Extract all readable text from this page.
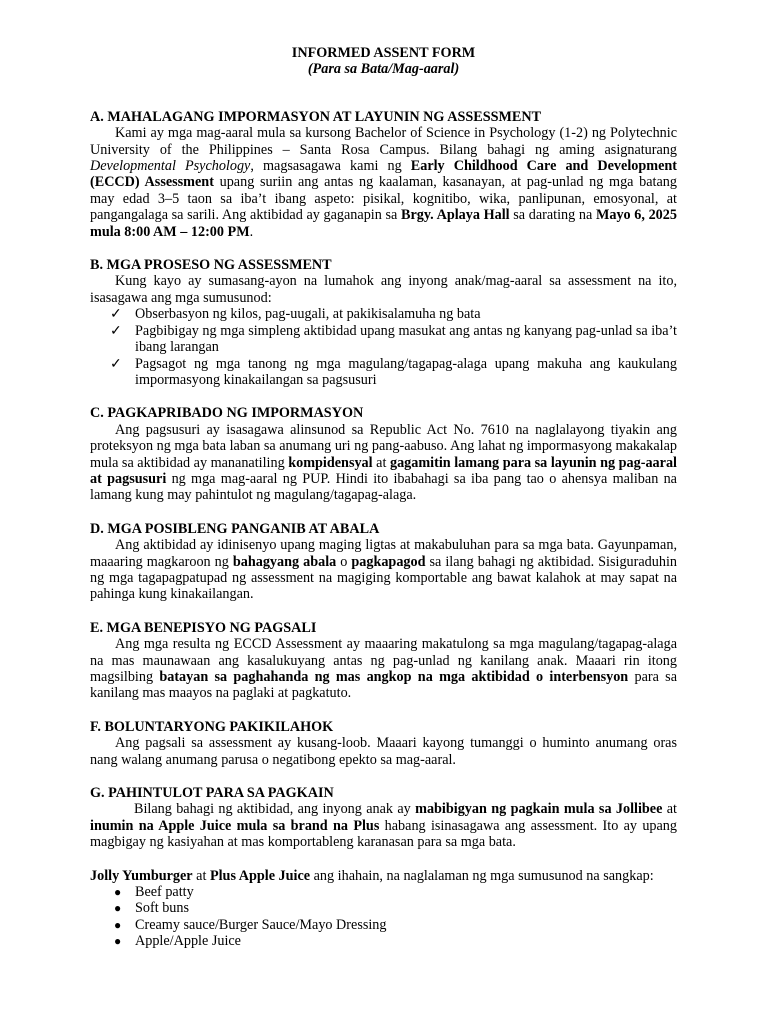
INFORMED ASSENT FORM
(Para sa Bata/Mag-aaral)
A. MAHALAGANG IMPORMASYON AT LAYUNIN NG ASSESSMENT

Kami ay mga mag-aaral mula sa kursong Bachelor of Science in Psychology (1-2) ng Polytechnic University of the Philippines – Santa Rosa Campus. Bilang bahagi ng aming asignaturang Developmental Psychology, magsasagawa kami ng Early Childhood Care and Development (ECCD) Assessment upang suriin ang antas ng kaalaman, kasanayan, at pag-unlad ng mga batang may edad 3–5 taon sa iba’t ibang aspeto: pisikal, kognitibo, wika, panlipunan, emosyonal, at pangangalaga sa sarili. Ang aktibidad ay gaganapin sa Brgy. Aplaya Hall sa darating na Mayo 6, 2025 mula 8:00 AM – 12:00 PM.

B. MGA PROSESO NG ASSESSMENT

Kung kayo ay sumasang-ayon na lumahok ang inyong anak/mag-aaral sa assessment na ito, isasagawa ang mga sumusunod:

✓ Obserbasyon ng kilos, pag-uugali, at pakikisalamuha ng bata
✓ Pagbibigay ng mga simpleng aktibidad upang masukat ang antas ng kanyang pag-unlad sa iba’t ibang larangan
✓ Pagsagot ng mga tanong ng mga magulang/tagapag-alaga upang makuha ang kaukulang impormasyong kinakailangan sa pagsusuri
C. PAGKAPRIBADO NG IMPORMASYON

Ang pagsusuri ay isasagawa alinsunod sa Republic Act No. 7610 na naglalayong tiyakin ang proteksyon ng mga bata laban sa anumang uri ng pang-aabuso. Ang lahat ng impormasyong makakalap mula sa aktibidad ay mananatiling kompidensyal at gagamitin lamang para sa layunin ng pag-aaral at pagsusuri ng mga mag-aaral ng PUP. Hindi ito ibabahagi sa iba pang tao o ahensya maliban na lamang kung may pahintulot ng magulang/tagapag-alaga.

D. MGA POSIBLENG PANGANIB AT ABALA

Ang aktibidad ay idinisenyo upang maging ligtas at makabuluhan para sa mga bata. Gayunpaman, maaaring magkaroon ng bahagyang abala o pagkapagod sa ilang bahagi ng aktibidad. Sisiguraduhin ng mga tagapagpatupad ng assessment na magiging komportable ang bawat kalahok at may sapat na pahinga kung kinakailangan.

E. MGA BENEPISYO NG PAGSALI

Ang mga resulta ng ECCD Assessment ay maaaring makatulong sa mga magulang/tagapag-alaga na mas maunawaan ang kasalukuyang antas ng pag-unlad ng kanilang anak. Maaari rin itong magsilbing batayan sa paghahanda ng mas angkop na mga aktibidad o interbensyon para sa kanilang mas maayos na paglaki at pagkatuto.

F. BOLUNTARYONG PAKIKILAHOK

Ang pagsali sa assessment ay kusang-loob. Maaari kayong tumanggi o huminto anumang oras nang walang anumang parusa o negatibong epekto sa mag-aaral.

G. PAHINTULOT PARA SA PAGKAIN

Bilang bahagi ng aktibidad, ang inyong anak ay mabibigyan ng pagkain mula sa Jollibee at inumin na Apple Juice mula sa brand na Plus habang isinasagawa ang assessment. Ito ay upang magbigay ng kasiyahan at mas komportableng karanasan para sa mga bata.

Jolly Yumburger at Plus Apple Juice ang ihahain, na naglalaman ng mga sumusunod na sangkap:

● Beef patty
● Soft buns
● Creamy sauce/Burger Sauce/Mayo Dressing
● Apple/Apple Juice
